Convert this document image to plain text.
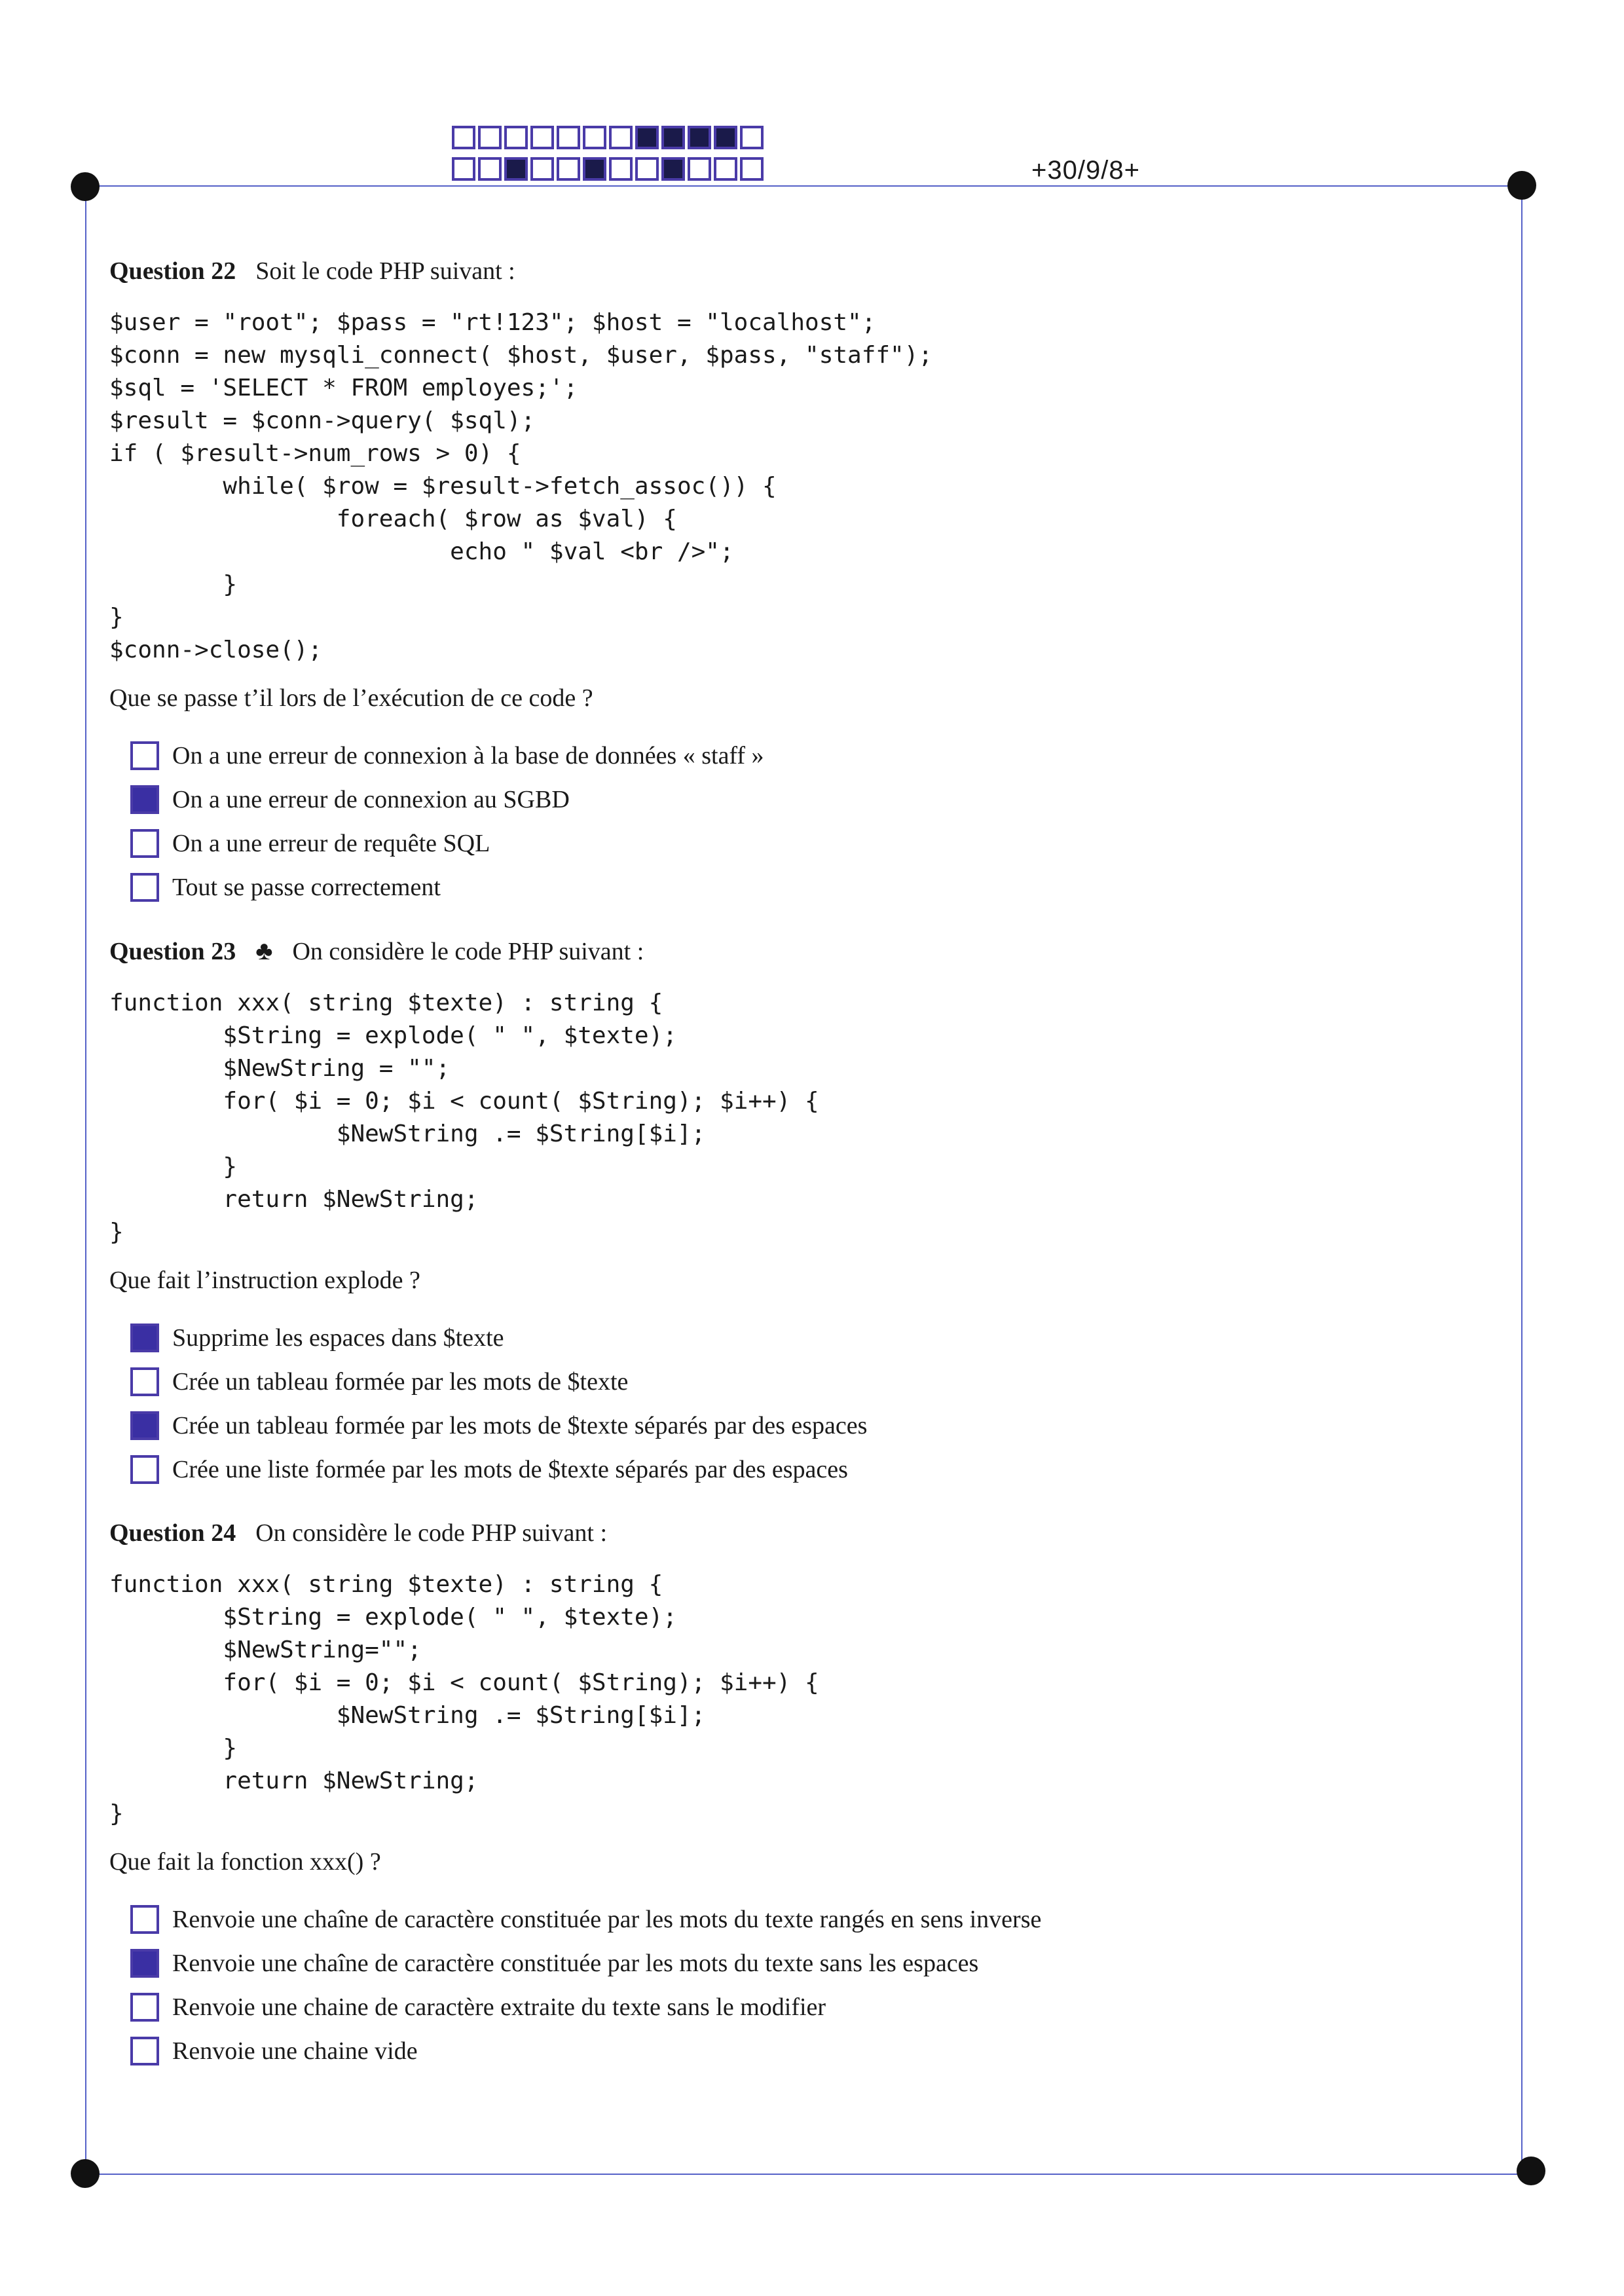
+30/9/8+
Question 22 Soit le code PHP suivant :
$user = "root"; $pass = "rt!123"; $host = "localhost";
$conn = new mysqli_connect( $host, $user, $pass, "staff");
$sql = 'SELECT * FROM employes;';
$result = $conn->query( $sql);
if ( $result->num_rows > 0) {
while( $row = $result->fetch_assoc()) {
foreach( $row as $val) {
echo " $val <br />";
}
}
$conn->close();
Que se passe t’il lors de l’exécution de ce code ?
On a une erreur de connexion à la base de données « staff »
On a une erreur de connexion au SGBD
On a une erreur de requête SQL
Tout se passe correctement
Question 23 ♣ On considère le code PHP suivant :
function xxx( string $texte) : string {
$String = explode( " ", $texte);
$NewString = "";
for( $i = 0; $i < count( $String); $i++) {
$NewString .= $String[$i];
}
return $NewString;
}
Que fait l’instruction explode ?
Supprime les espaces dans $texte
Crée un tableau formée par les mots de $texte
Crée un tableau formée par les mots de $texte séparés par des espaces
Crée une liste formée par les mots de $texte séparés par des espaces
Question 24 On considère le code PHP suivant :
function xxx( string $texte) : string {
$String = explode( " ", $texte);
$NewString="";
for( $i = 0; $i < count( $String); $i++) {
$NewString .= $String[$i];
}
return $NewString;
}
Que fait la fonction xxx() ?
Renvoie une chaîne de caractère constituée par les mots du texte rangés en sens inverse
Renvoie une chaîne de caractère constituée par les mots du texte sans les espaces
Renvoie une chaine de caractère extraite du texte sans le modifier
Renvoie une chaine vide
